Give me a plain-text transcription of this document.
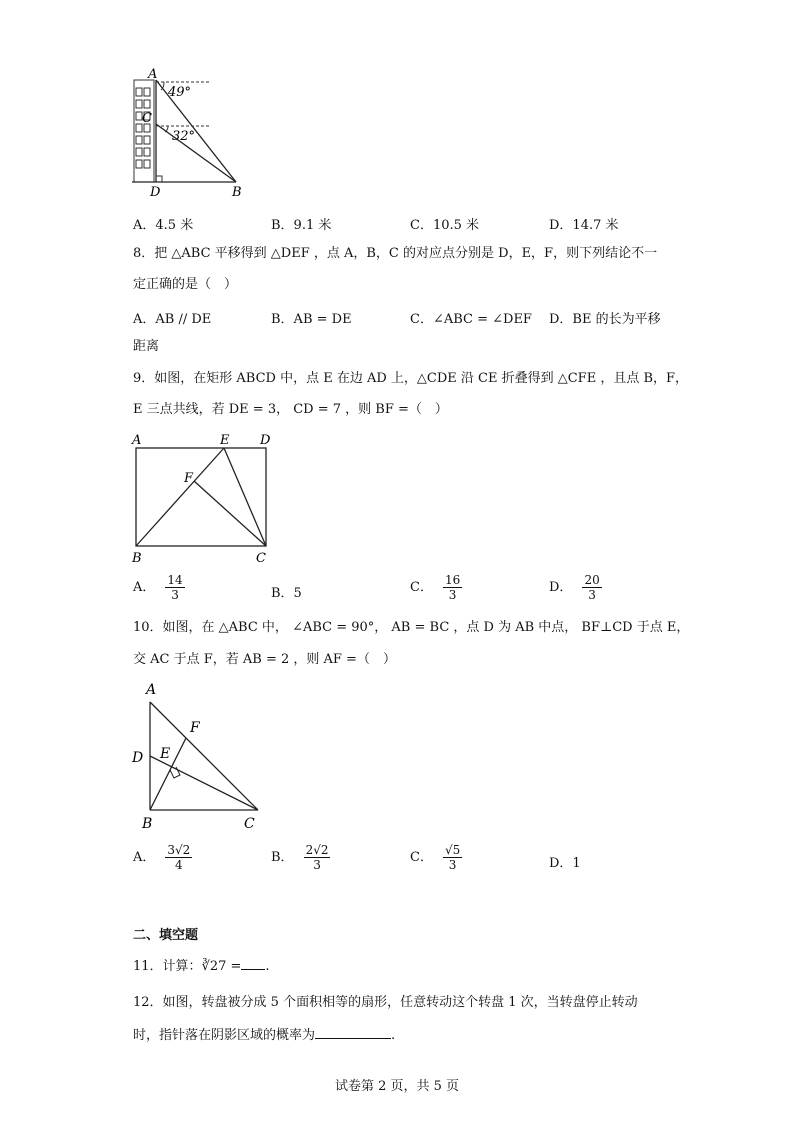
A
C
D	B
49°
32°
A．4.5 米	B．9.1 米	C．10.5 米	D．14.7 米
8．把 △ABC 平移得到 △DEF ，点 A，B，C 的对应点分别是 D，E，F，则下列结论不一
定正确的是（　）
A．AB // DE	B．AB = DE	C．∠ABC = ∠DEF D．BE 的长为平移
距离
9．如图，在矩形 ABCD 中，点 E 在边 AD 上，△CDE 沿 CE 折叠得到 △CFE ，且点 B，F，
E 三点共线，若 DE = 3， CD = 7 ，则 BF =（　）
A	E D
F
B	C
A． $\frac{14}{3}$	B．5	C． $\frac{16}{3}$	D． $\frac{20}{3}$
10．如图，在 △ABC 中， ∠ABC = 90°， AB = BC ，点 D 为 AB 中点， BF⊥CD 于点 E，
交 AC 于点 F，若 AB = 2 ，则 AF =（　）
A
F
D E
B	C
A． $\frac{3√2}{4}$	B． $\frac{2√2}{3}$	C． $\frac{√5}{3}$	D．1
二、填空题
11．计算：∛27 = .
12．如图，转盘被分成 5 个面积相等的扇形，任意转动这个转盘 1 次，当转盘停止转动
时，指针落在阴影区域的概率为	.
试卷第 2 页，共 5 页
